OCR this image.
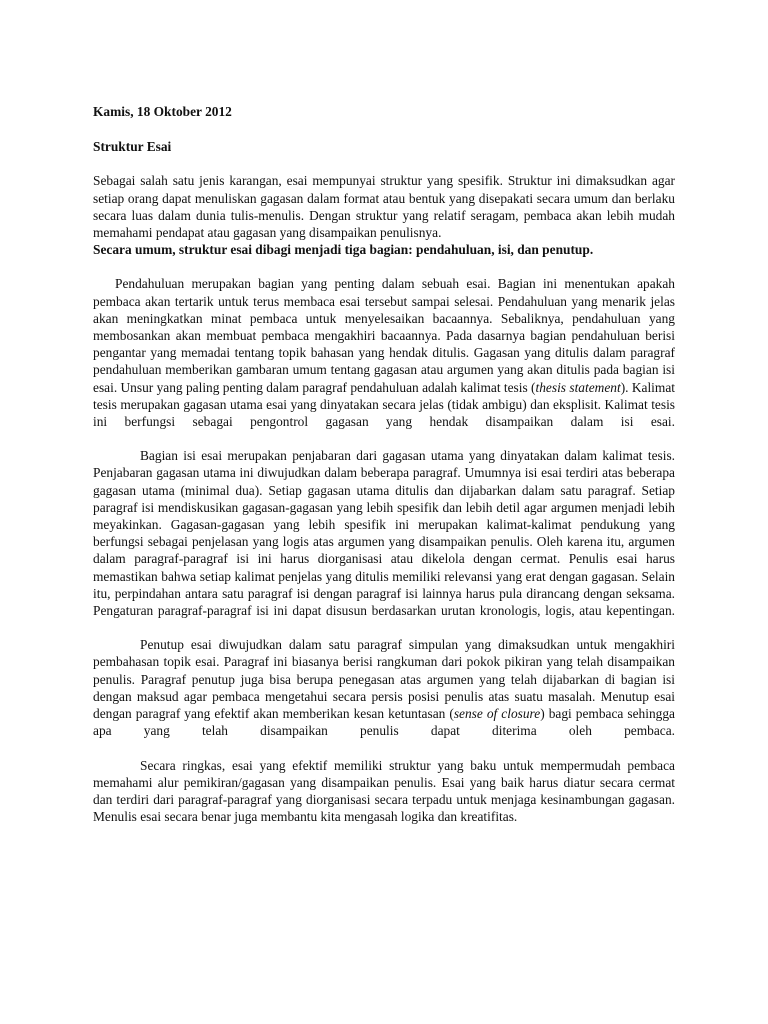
Kamis, 18 Oktober 2012
Struktur Esai

Sebagai salah satu jenis karangan, esai mempunyai struktur yang spesifik. Struktur ini dimaksudkan agar setiap orang dapat menuliskan gagasan dalam format atau bentuk yang disepakati secara umum dan berlaku secara luas dalam dunia tulis-menulis. Dengan struktur yang relatif seragam, pembaca akan lebih mudah memahami pendapat atau gagasan yang disampaikan penulisnya.

Secara umum, struktur esai dibagi menjadi tiga bagian: pendahuluan, isi, dan penutup.

Pendahuluan merupakan bagian yang penting dalam sebuah esai. Bagian ini menentukan apakah pembaca akan tertarik untuk terus membaca esai tersebut sampai selesai. Pendahuluan yang menarik jelas akan meningkatkan minat pembaca untuk menyelesaikan bacaannya. Sebaliknya, pendahuluan yang membosankan akan membuat pembaca mengakhiri bacaannya. Pada dasarnya bagian pendahuluan berisi pengantar yang memadai tentang topik bahasan yang hendak ditulis. Gagasan yang ditulis dalam paragraf pendahuluan memberikan gambaran umum tentang gagasan atau argumen yang akan ditulis pada bagian isi esai. Unsur yang paling penting dalam paragraf pendahuluan adalah kalimat tesis (thesis statement). Kalimat tesis merupakan gagasan utama esai yang dinyatakan secara jelas (tidak ambigu) dan eksplisit. Kalimat tesis ini berfungsi sebagai pengontrol gagasan yang hendak disampaikan dalam isi esai.

Bagian isi esai merupakan penjabaran dari gagasan utama yang dinyatakan dalam kalimat tesis. Penjabaran gagasan utama ini diwujudkan dalam beberapa paragraf. Umumnya isi esai terdiri atas beberapa gagasan utama (minimal dua). Setiap gagasan utama ditulis dan dijabarkan dalam satu paragraf. Setiap paragraf isi mendiskusikan gagasan-gagasan yang lebih spesifik dan lebih detil agar argumen menjadi lebih meyakinkan. Gagasan-gagasan yang lebih spesifik ini merupakan kalimat-kalimat pendukung yang berfungsi sebagai penjelasan yang logis atas argumen yang disampaikan penulis. Oleh karena itu, argumen dalam paragraf-paragraf isi ini harus diorganisasi atau dikelola dengan cermat. Penulis esai harus memastikan bahwa setiap kalimat penjelas yang ditulis memiliki relevansi yang erat dengan gagasan. Selain itu, perpindahan antara satu paragraf isi dengan paragraf isi lainnya harus pula dirancang dengan seksama. Pengaturan paragraf-paragraf isi ini dapat disusun berdasarkan urutan kronologis, logis, atau kepentingan.

Penutup esai diwujudkan dalam satu paragraf simpulan yang dimaksudkan untuk mengakhiri pembahasan topik esai. Paragraf ini biasanya berisi rangkuman dari pokok pikiran yang telah disampaikan penulis. Paragraf penutup juga bisa berupa penegasan atas argumen yang telah dijabarkan di bagian isi dengan maksud agar pembaca mengetahui secara persis posisi penulis atas suatu masalah. Menutup esai dengan paragraf yang efektif akan memberikan kesan ketuntasan (sense of closure) bagi pembaca sehingga apa yang telah disampaikan penulis dapat diterima oleh pembaca.

Secara ringkas, esai yang efektif memiliki struktur yang baku untuk mempermudah pembaca memahami alur pemikiran/gagasan yang disampaikan penulis. Esai yang baik harus diatur secara cermat dan terdiri dari paragraf-paragraf yang diorganisasi secara terpadu untuk menjaga kesinambungan gagasan. Menulis esai secara benar juga membantu kita mengasah logika dan kreatifitas.
